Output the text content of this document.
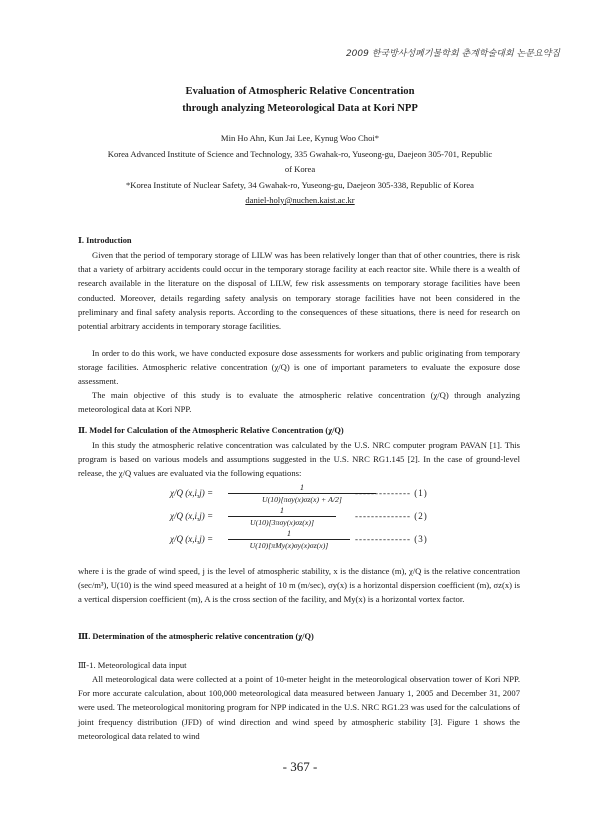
2009 한국방사성폐기물학회 춘계학술대회 논문요약집
Evaluation of Atmospheric Relative Concentration
through analyzing Meteorological Data at Kori NPP
Min Ho Ahn, Kun Jai Lee, Kynug Woo Choi*
Korea Advanced Institute of Science and Technology, 335 Gwahak-ro, Yuseong-gu, Daejeon 305-701, Republic
of Korea
*Korea Institute of Nuclear Safety, 34 Gwahak-ro, Yuseong-gu, Daejeon 305-338, Republic of Korea
daniel-holy@nuchen.kaist.ac.kr
Ⅰ. Introduction

Given that the period of temporary storage of LILW was has been relatively longer than that of other countries, there is risk that a variety of arbitrary accidents could occur in the temporary storage facility at each reactor site. While there is a wealth of research available in the literature on the disposal of LILW, few risk assessments on temporary storage facilities have been conducted. Moreover, details regarding safety analysis on temporary storage facilities have not been considered in the preliminary and final safety analysis reports. According to the consequences of these situations, there is need for research on potential arbitrary accidents in temporary storage facilities.

In order to do this work, we have conducted exposure dose assessments for workers and public originating from temporary storage facilities. Atmospheric relative concentration (χ/Q) is one of important parameters to evaluate the exposure dose assessment.

The main objective of this study is to evaluate the atmospheric relative concentration (χ/Q) through analyzing meteorological data at Kori NPP.

Ⅱ. Model for Calculation of the Atmospheric Relative Concentration (χ/Q)

In this study the atmospheric relative concentration was calculated by the U.S. NRC computer program PAVAN [1]. This program is based on various models and assumptions suggested in the U.S. NRC RG1.145 [2]. In the case of ground-level release, the χ/Q values are evaluated via the following equations:

χ/Q (x,i,j) =
1
U(10)[πσy(x)σz(x) + A/2]
-------------- (1)
χ/Q (x,i,j) =
1
U(10)[3πσy(x)σz(x)]
-------------- (2)
χ/Q (x,i,j) =
1
U(10)[πMy(x)σy(x)σz(x)]
-------------- (3)

where i is the grade of wind speed, j is the level of atmospheric stability, x is the distance (m), χ/Q is the relative concentration (sec/m³), U(10) is the wind speed measured at a height of 10 m (m/sec), σy(x) is a horizontal dispersion coefficient (m), σz(x) is a vertical dispersion coefficient (m), A is the cross section of the facility, and My(x) is a horizontal vortex factor.

Ⅲ. Determination of the atmospheric relative concentration (χ/Q)
Ⅲ-1. Meteorological data input

All meteorological data were collected at a point of 10-meter height in the meteorological observation tower of Kori NPP. For more accurate calculation, about 100,000 meteorological data measured between January 1, 2005 and December 31, 2007 were used. The meteorological monitoring program for NPP indicated in the U.S. NRC RG1.23 was used for the calculations of joint frequency distribution (JFD) of wind direction and wind speed by atmospheric stability [3]. Figure 1 shows the meteorological data related to wind

- 367 -
